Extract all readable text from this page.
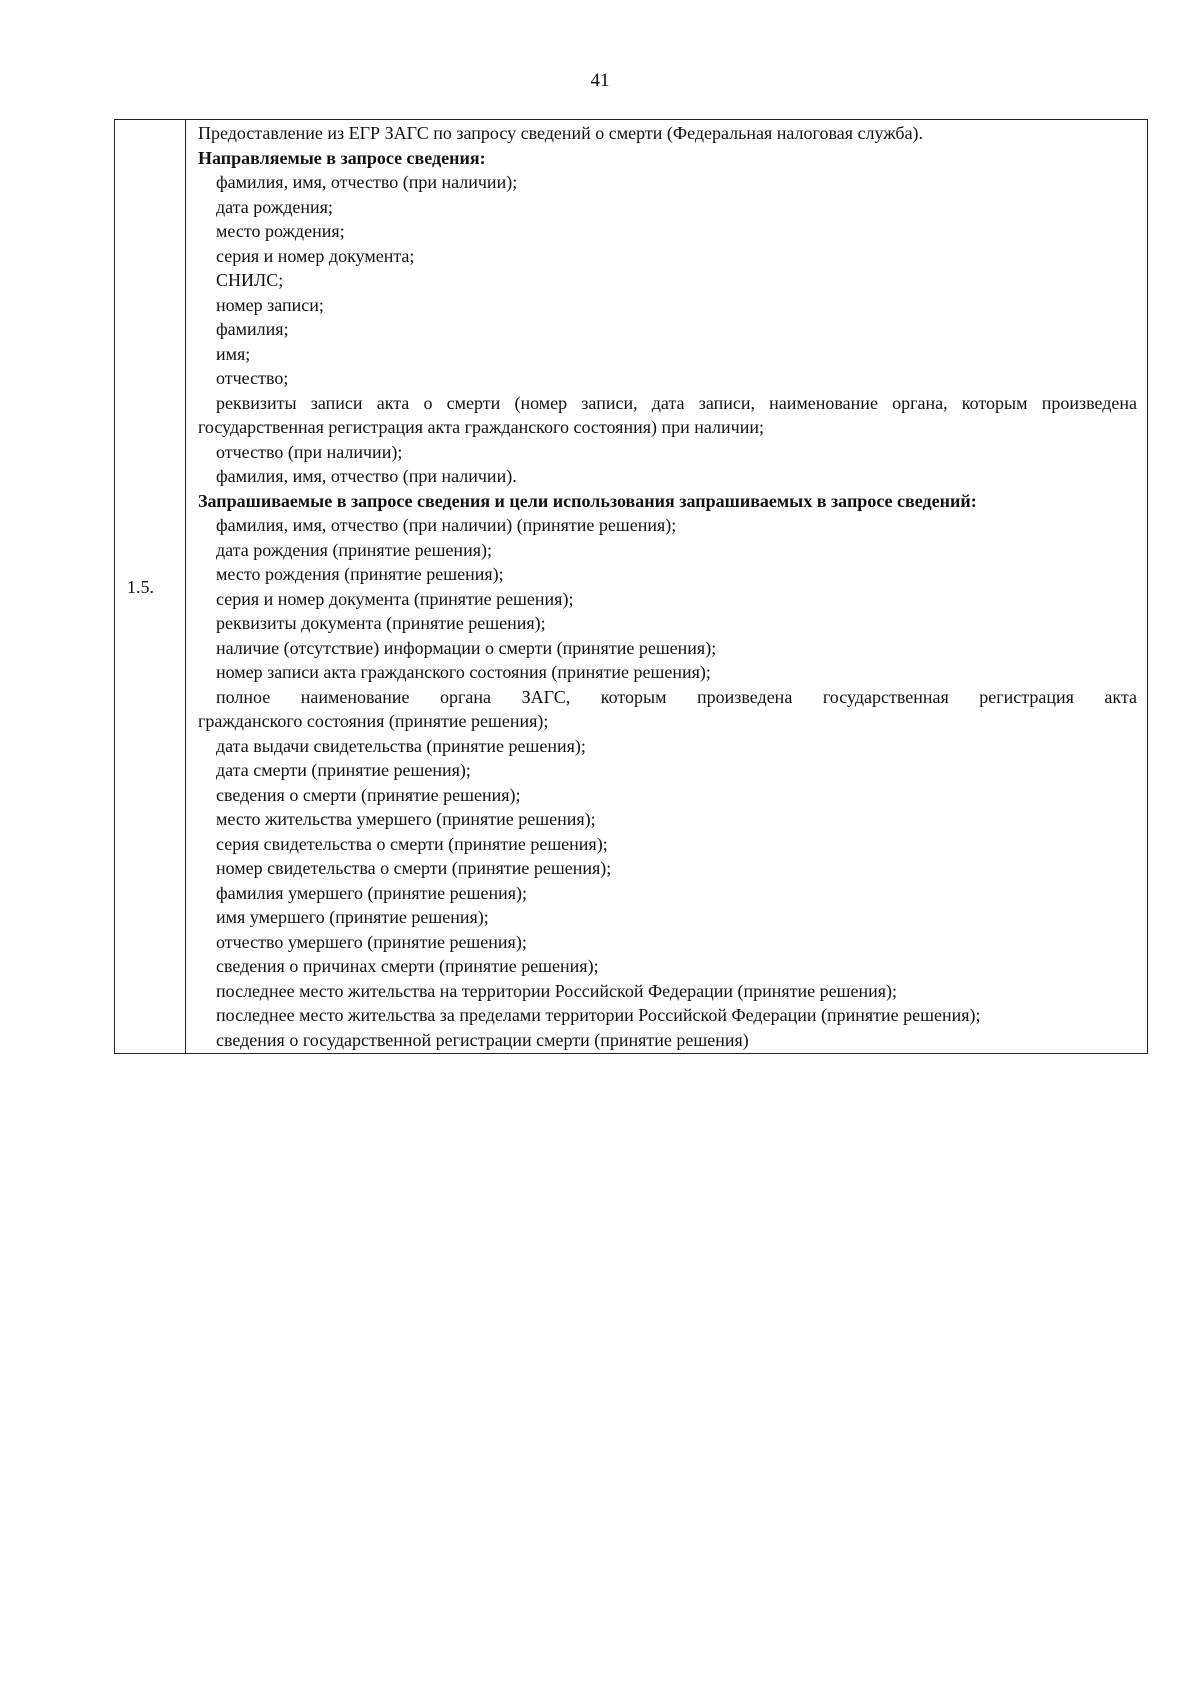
41
1.5.	
Предоставление из ЕГР ЗАГС по запросу сведений о смерти (Федеральная налоговая служба).
Направляемые в запросе сведения:
фамилия, имя, отчество (при наличии);
дата рождения;
место рождения;
серия и номер документа;
СНИЛС;
номер записи;
фамилия;
имя;
отчество;
реквизиты записи акта о смерти (номер записи, дата записи, наименование органа, которым произведена
государственная регистрация акта гражданского состояния) при наличии;
отчество (при наличии);
фамилия, имя, отчество (при наличии).
Запрашиваемые в запросе сведения и цели использования запрашиваемых в запросе сведений:
фамилия, имя, отчество (при наличии) (принятие решения);
дата рождения (принятие решения);
место рождения (принятие решения);
серия и номер документа (принятие решения);
реквизиты документа (принятие решения);
наличие (отсутствие) информации о смерти (принятие решения);
номер записи акта гражданского состояния (принятие решения);
полное наименование органа ЗАГС, которым произведена государственная регистрация акта
гражданского состояния (принятие решения);
дата выдачи свидетельства (принятие решения);
дата смерти (принятие решения);
сведения о смерти (принятие решения);
место жительства умершего (принятие решения);
серия свидетельства о смерти (принятие решения);
номер свидетельства о смерти (принятие решения);
фамилия умершего (принятие решения);
имя умершего (принятие решения);
отчество умершего (принятие решения);
сведения о причинах смерти (принятие решения);
последнее место жительства на территории Российской Федерации (принятие решения);
последнее место жительства за пределами территории Российской Федерации (принятие решения);
сведения о государственной регистрации смерти (принятие решения)
